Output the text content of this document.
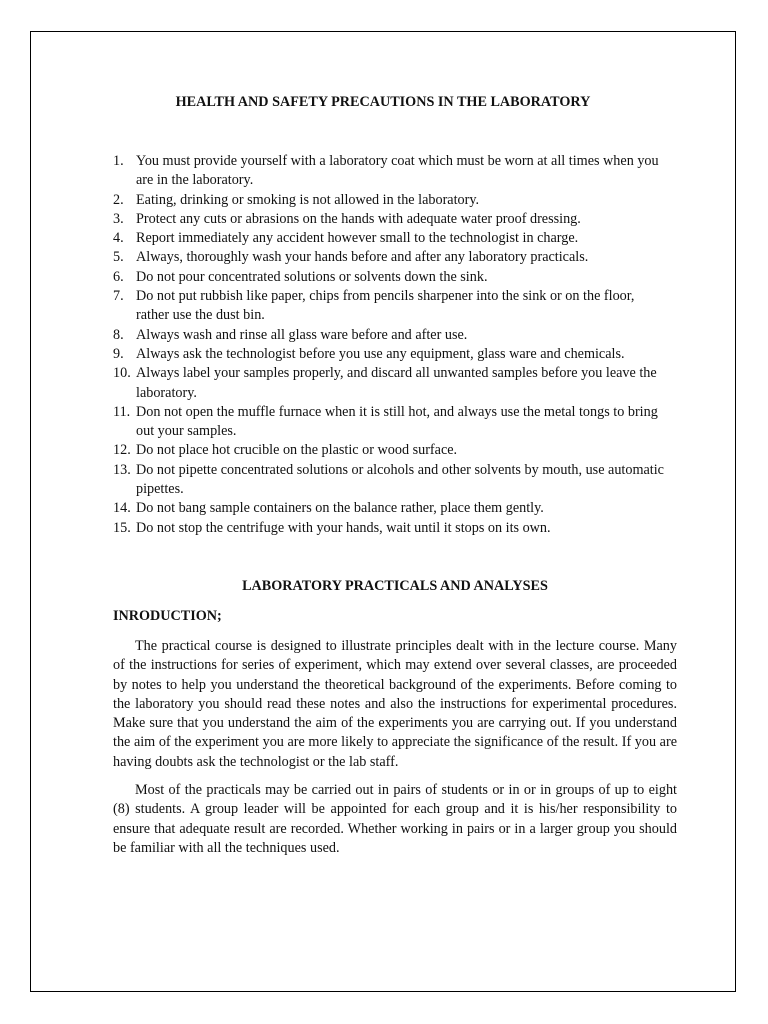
HEALTH AND SAFETY PRECAUTIONS IN THE LABORATORY
1. You must provide yourself with a laboratory coat which must be worn at all times when you are in the laboratory.
2. Eating, drinking or smoking is not allowed in the laboratory.
3. Protect any cuts or abrasions on the hands with adequate water proof dressing.
4. Report immediately any accident however small to the technologist in charge.
5. Always, thoroughly wash your hands before and after any laboratory practicals.
6. Do not pour concentrated solutions or solvents down the sink.
7. Do not put rubbish like paper, chips from pencils sharpener into the sink or on the floor, rather use the dust bin.
8. Always wash and rinse all glass ware before and after use.
9. Always ask the technologist before you use any equipment, glass ware and chemicals.
10. Always label your samples properly, and discard all unwanted samples before you leave the laboratory.
11. Don not open the muffle furnace when it is still hot, and always use the metal tongs to bring out your samples.
12. Do not place hot crucible on the plastic or wood surface.
13. Do not pipette concentrated solutions or alcohols and other solvents by mouth, use automatic pipettes.
14. Do not bang sample containers on the balance rather, place them gently.
15. Do not stop the centrifuge with your hands, wait until it stops on its own.
LABORATORY PRACTICALS AND ANALYSES
INRODUCTION;

The practical course is designed to illustrate principles dealt with in the lecture course. Many of the instructions for series of experiment, which may extend over several classes, are proceeded by notes to help you understand the theoretical background of the experiments. Before coming to the laboratory you should read these notes and also the instructions for experimental procedures. Make sure that you understand the aim of the experiments you are carrying out. If you understand the aim of the experiment you are more likely to appreciate the significance of the result. If you are having doubts ask the technologist or the lab staff.

Most of the practicals may be carried out in pairs of students or in or in groups of up to eight (8) students. A group leader will be appointed for each group and it is his/her responsibility to ensure that adequate result are recorded. Whether working in pairs or in a larger group you should be familiar with all the techniques used.
